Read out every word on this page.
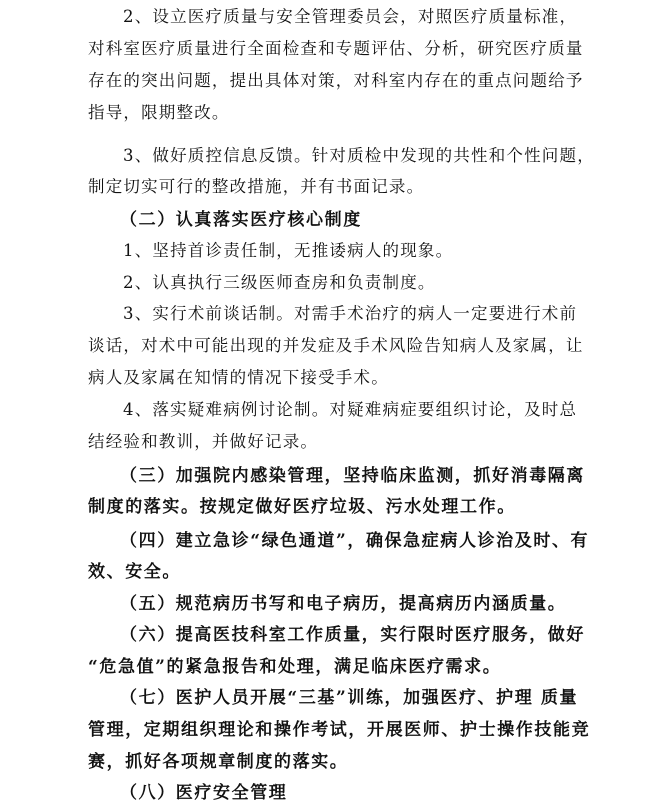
2、设立医疗质量与安全管理委员会，对照医疗质量标准，
对科室医疗质量进行全面检查和专题评估、分析，研究医疗质量
存在的突出问题，提出具体对策，对科室内存在的重点问题给予
指导，限期整改。
3、做好质控信息反馈。针对质检中发现的共性和个性问题，
制定切实可行的整改措施，并有书面记录。
（二）认真落实医疗核心制度
1、坚持首诊责任制，无推诿病人的现象。
2、认真执行三级医师查房和负责制度。
3、实行术前谈话制。对需手术治疗的病人一定要进行术前
谈话，对术中可能出现的并发症及手术风险告知病人及家属，让
病人及家属在知情的情况下接受手术。
4、落实疑难病例讨论制。对疑难病症要组织讨论，及时总
结经验和教训，并做好记录。
（三）加强院内感染管理，坚持临床监测，抓好消毒隔离
制度的落实。按规定做好医疗垃圾、污水处理工作。
（四）建立急诊“绿色通道”，确保急症病人诊治及时、有
效、安全。
（五）规范病历书写和电子病历，提高病历内涵质量。
（六）提高医技科室工作质量，实行限时医疗服务，做好
“危急值”的紧急报告和处理，满足临床医疗需求。
（七）医护人员开展“三基”训练，加强医疗、护理 质量
管理，定期组织理论和操作考试，开展医师、护士操作技能竞
赛，抓好各项规章制度的落实。
（八）医疗安全管理
